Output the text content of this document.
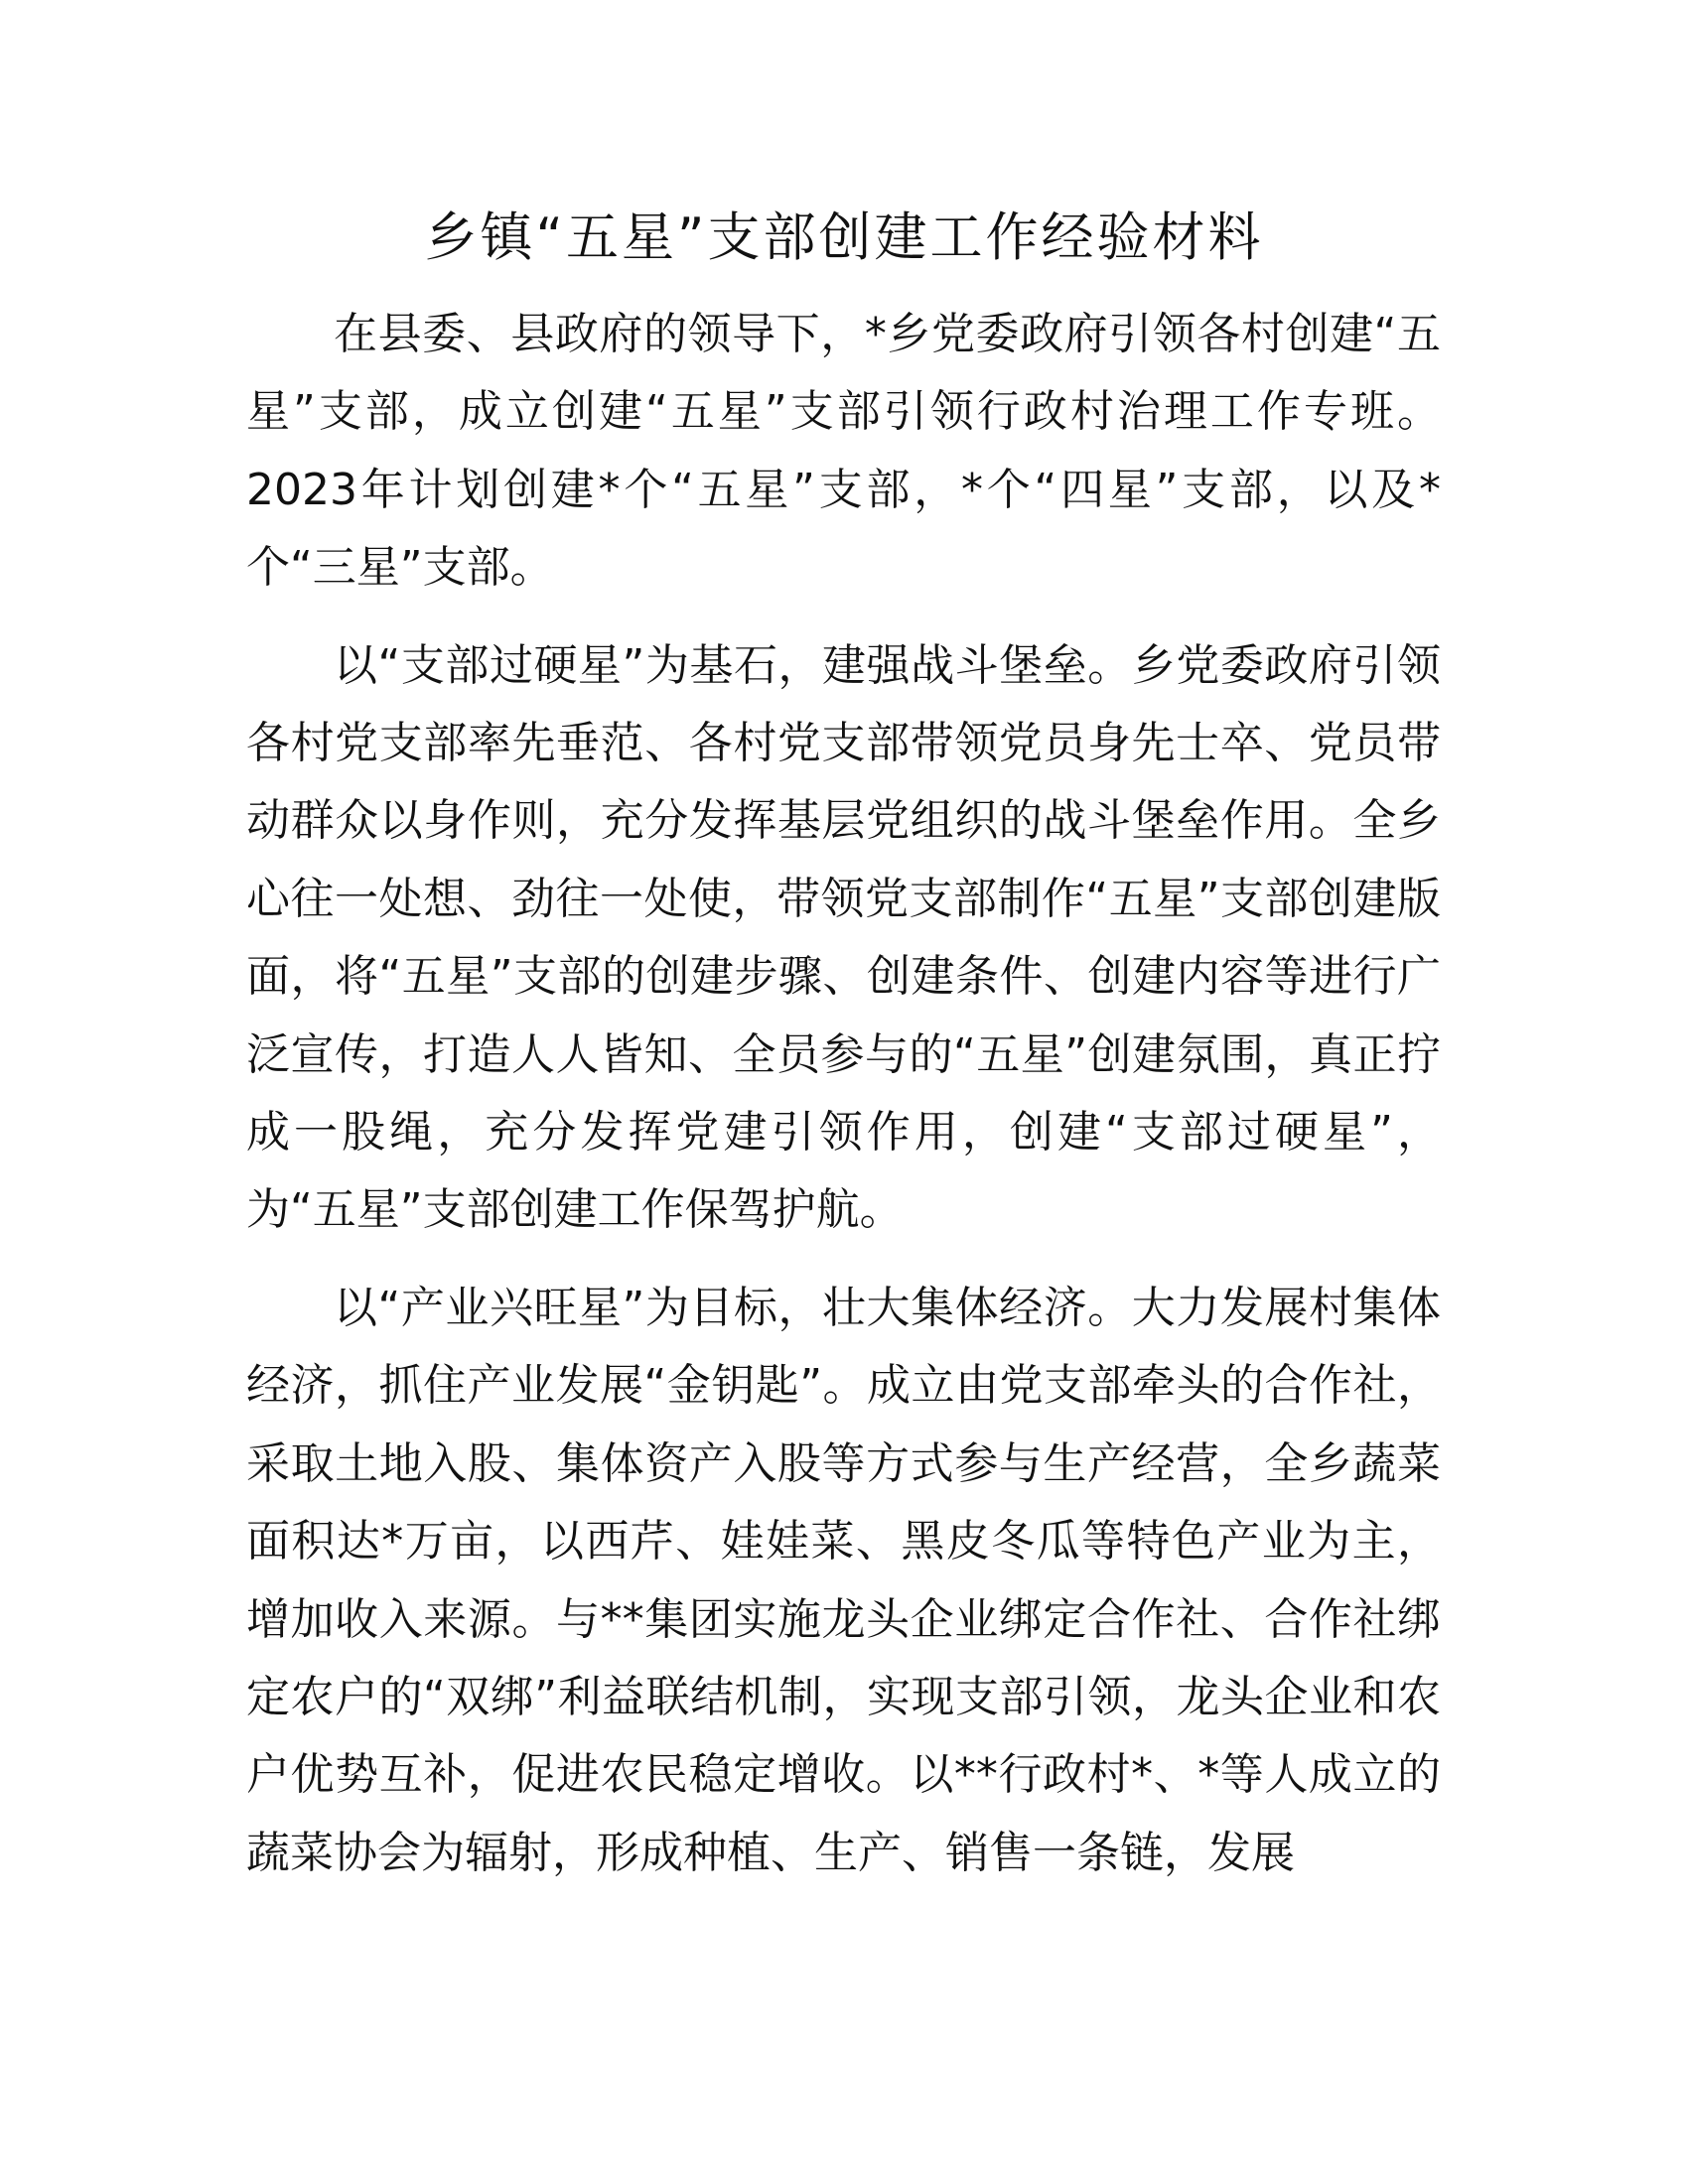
乡镇“五星”支部创建工作经验材料

在县委、县政府的领导下，*乡党委政府引领各村创建“五星”支部，成立创建“五星”支部引领行政村治理工作专班。2023年计划创建*个“五星”支部，*个“四星”支部，以及*个“三星”支部。

以“支部过硬星”为基石，建强战斗堡垒。乡党委政府引领各村党支部率先垂范、各村党支部带领党员身先士卒、党员带动群众以身作则，充分发挥基层党组织的战斗堡垒作用。全乡心往一处想、劲往一处使，带领党支部制作“五星”支部创建版面，将“五星”支部的创建步骤、创建条件、创建内容等进行广泛宣传，打造人人皆知、全员参与的“五星”创建氛围，真正拧成一股绳，充分发挥党建引领作用，创建“支部过硬星”，为“五星”支部创建工作保驾护航。

以“产业兴旺星”为目标，壮大集体经济。大力发展村集体经济，抓住产业发展“金钥匙”。成立由党支部牵头的合作社，采取土地入股、集体资产入股等方式参与生产经营，全乡蔬菜面积达*万亩，以西芹、娃娃菜、黑皮冬瓜等特色产业为主，增加收入来源。与**集团实施龙头企业绑定合作社、合作社绑定农户的“双绑”利益联结机制，实现支部引领，龙头企业和农户优势互补，促进农民稳定增收。以**行政村*、*等人成立的蔬菜协会为辐射，形成种植、生产、销售一条链，发展
